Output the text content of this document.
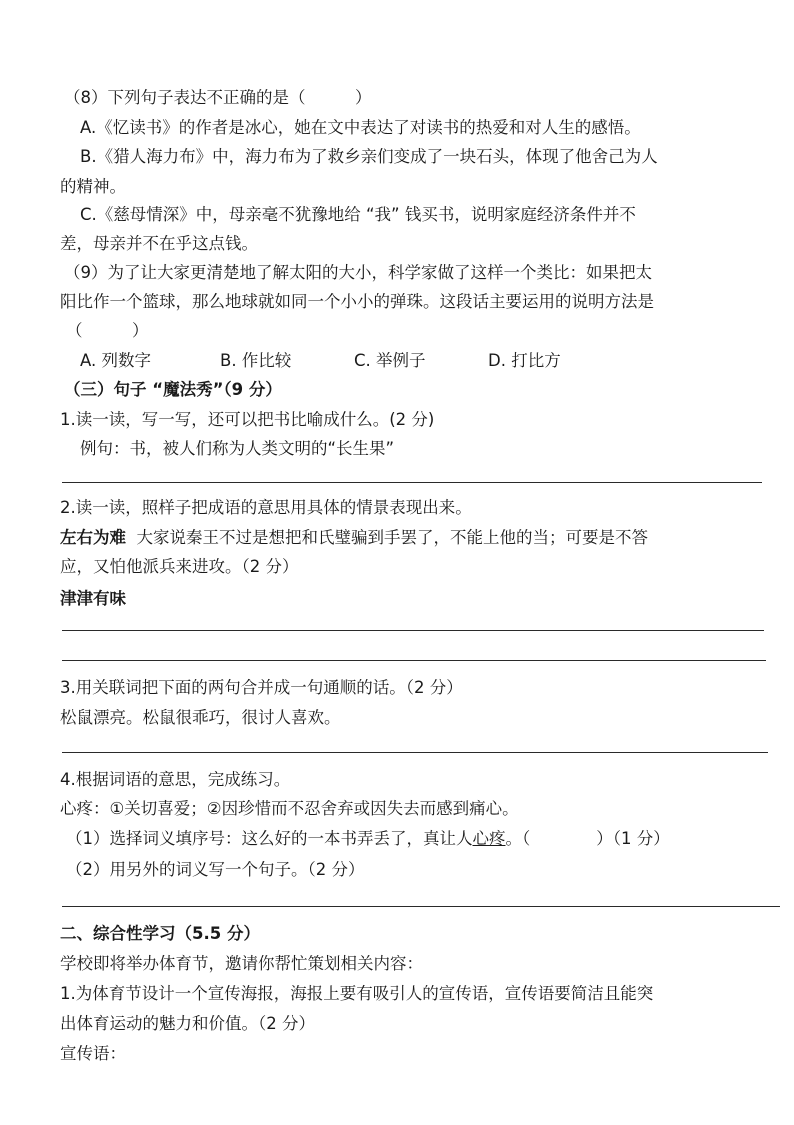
（8）下列句子表达不正确的是（　　　）
A.《忆读书》的作者是冰心，她在文中表达了对读书的热爱和对人生的感悟。
B.《猎人海力布》中，海力布为了救乡亲们变成了一块石头，体现了他舍己为人
的精神。
C.《慈母情深》中，母亲毫不犹豫地给 “我” 钱买书，说明家庭经济条件并不
差，母亲并不在乎这点钱。
（9）为了让大家更清楚地了解太阳的大小，科学家做了这样一个类比：如果把太
阳比作一个篮球，那么地球就如同一个小小的弹珠。这段话主要运用的说明方法是
（　　　）
A. 列数字	B. 作比较	C. 举例子	D. 打比方
（三）句子 “魔法秀”（9 分）
1.读一读，写一写，还可以把书比喻成什么。(2 分)
例句：书，被人们称为人类文明的“长生果”
2.读一读，照样子把成语的意思用具体的情景表现出来。
左右为难 大家说秦王不过是想把和氏璧骗到手罢了，不能上他的当；可要是不答
应，又怕他派兵来进攻。（2 分）
津津有味
3.用关联词把下面的两句合并成一句通顺的话。（2 分）
松鼠漂亮。松鼠很乖巧，很讨人喜欢。
4.根据词语的意思，完成练习。
心疼：①关切喜爱；②因珍惜而不忍舍弃或因失去而感到痛心。
（1）选择词义填序号：这么好的一本书弄丢了，真让人心疼。（　　　　）（1 分）
（2）用另外的词义写一个句子。（2 分）
二、综合性学习（5.5 分）
学校即将举办体育节，邀请你帮忙策划相关内容：
1.为体育节设计一个宣传海报，海报上要有吸引人的宣传语，宣传语要简洁且能突
出体育运动的魅力和价值。（2 分）
宣传语：
